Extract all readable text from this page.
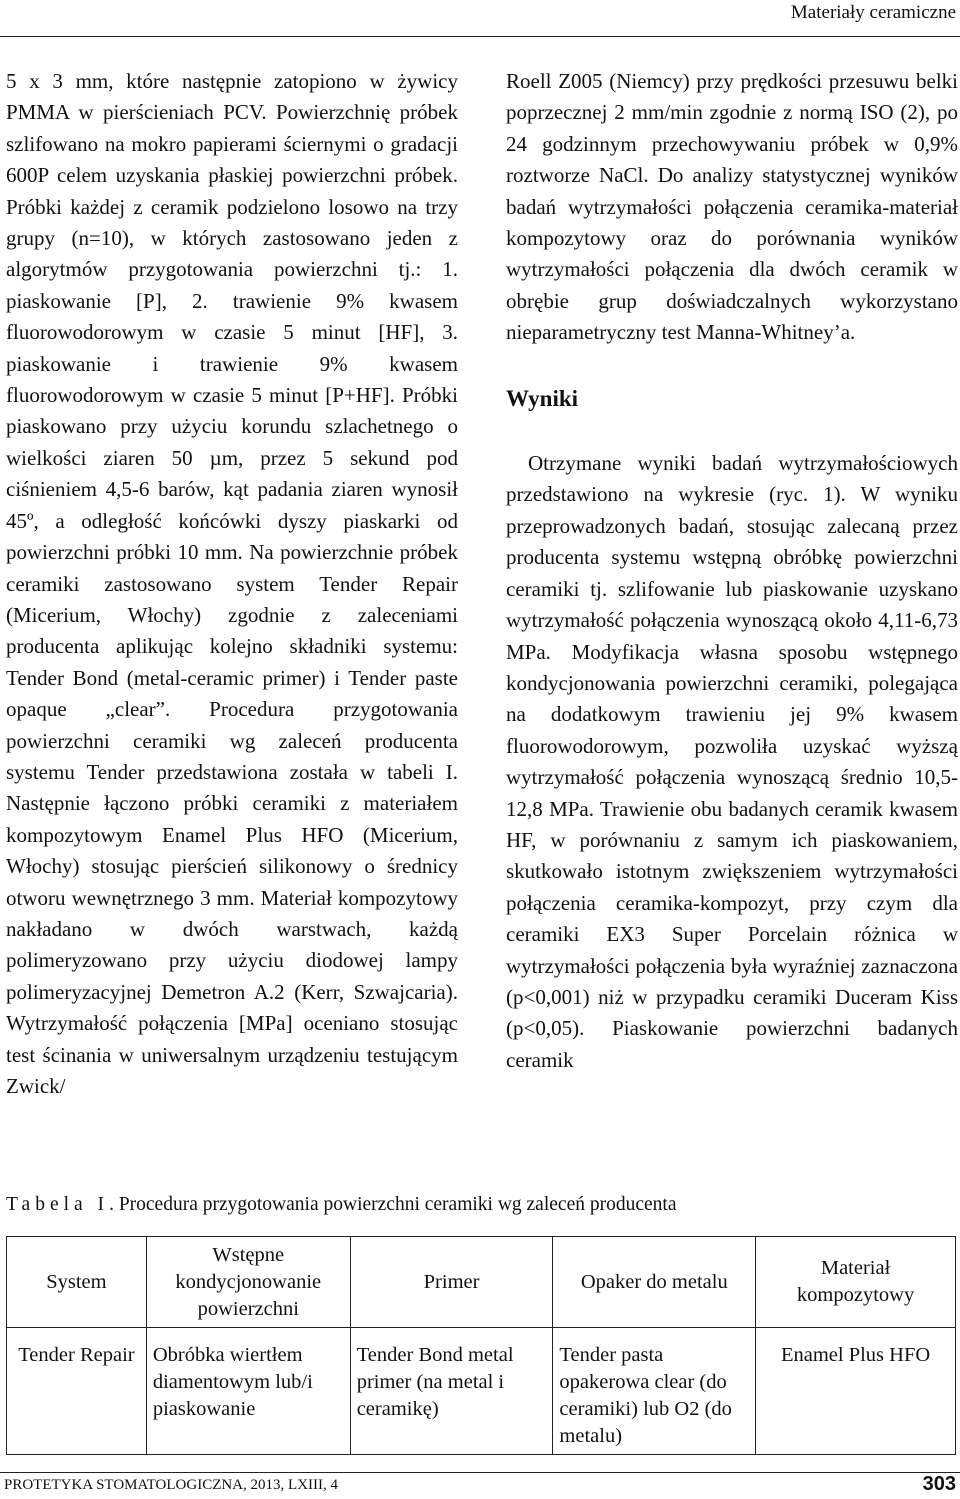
Materiały ceramiczne

5 x 3 mm, które następnie zatopiono w żywicy PMMA w pierścieniach PCV. Powierzchnię próbek szlifowano na mokro papierami ściernymi o gradacji 600P celem uzyskania płaskiej powierzchni próbek. Próbki każdej z ceramik podzielono losowo na trzy grupy (n=10), w których zastosowano jeden z algorytmów przygotowania powierzchni tj.: 1. piaskowanie [P], 2. trawienie 9% kwasem fluorowodorowym w czasie 5 minut [HF], 3. piaskowanie i trawienie 9% kwasem fluorowodorowym w czasie 5 minut [P+HF]. Próbki piaskowano przy użyciu korundu szlachetnego o wielkości ziaren 50 µm, przez 5 sekund pod ciśnieniem 4,5-6 barów, kąt padania ziaren wynosił 45º, a odległość końcówki dyszy piaskarki od powierzchni próbki 10 mm. Na powierzchnie próbek ceramiki zastosowano system Tender Repair (Micerium, Włochy) zgodnie z zaleceniami producenta aplikując kolejno składniki systemu: Tender Bond (metal-ceramic primer) i Tender paste opaque „clear”. Procedura przygotowania powierzchni ceramiki wg zaleceń producenta systemu Tender przedstawiona została w tabeli I. Następnie łączono próbki ceramiki z materiałem kompozytowym Enamel Plus HFO (Micerium, Włochy) stosując pierścień silikonowy o średnicy otworu wewnętrznego 3 mm. Materiał kompozytowy nakładano w dwóch warstwach, każdą polimeryzowano przy użyciu diodowej lampy polimeryzacyjnej Demetron A.2 (Kerr, Szwajcaria). Wytrzymałość połączenia [MPa] oceniano stosując test ścinania w uniwersalnym urządzeniu testującym Zwick/

Roell Z005 (Niemcy) przy prędkości przesuwu belki poprzecznej 2 mm/min zgodnie z normą ISO (2), po 24 godzinnym przechowywaniu próbek w 0,9% roztworze NaCl. Do analizy statystycznej wyników badań wytrzymałości połączenia ceramika-materiał kompozytowy oraz do porównania wyników wytrzymałości połączenia dla dwóch ceramik w obrębie grup doświadczalnych wykorzystano nieparametryczny test Manna-Whitney’a.

Wyniki

Otrzymane wyniki badań wytrzymałościowych przedstawiono na wykresie (ryc. 1). W wyniku przeprowadzonych badań, stosując zalecaną przez producenta systemu wstępną obróbkę powierzchni ceramiki tj. szlifowanie lub piaskowanie uzyskano wytrzymałość połączenia wynoszącą około 4,11-6,73 MPa. Modyfikacja własna sposobu wstępnego kondycjonowania powierzchni ceramiki, polegająca na dodatkowym trawieniu jej 9% kwasem fluorowodorowym, pozwoliła uzyskać wyższą wytrzymałość połączenia wynoszącą średnio 10,5-12,8 MPa. Trawienie obu badanych ceramik kwasem HF, w porównaniu z samym ich piaskowaniem, skutkowało istotnym zwiększeniem wytrzymałości połączenia ceramika-kompozyt, przy czym dla ceramiki EX3 Super Porcelain różnica w wytrzymałości połączenia była wyraźniej zaznaczona (p<0,001) niż w przypadku ceramiki Duceram Kiss (p<0,05). Piaskowanie powierzchni badanych ceramik

Tabela I. Procedura przygotowania powierzchni ceramiki wg zaleceń producenta
System	Wstępne kondycjonowanie powierzchni	Primer	Opaker do metalu	Materiał kompozytowy
Tender Repair	Obróbka wiertłem diamentowym lub/i piaskowanie	Tender Bond metal primer (na metal i ceramikę)	Tender pasta opakerowa clear (do ceramiki) lub O2 (do metalu)	Enamel Plus HFO
PROTETYKA STOMATOLOGICZNA, 2013, LXIII, 4	303
